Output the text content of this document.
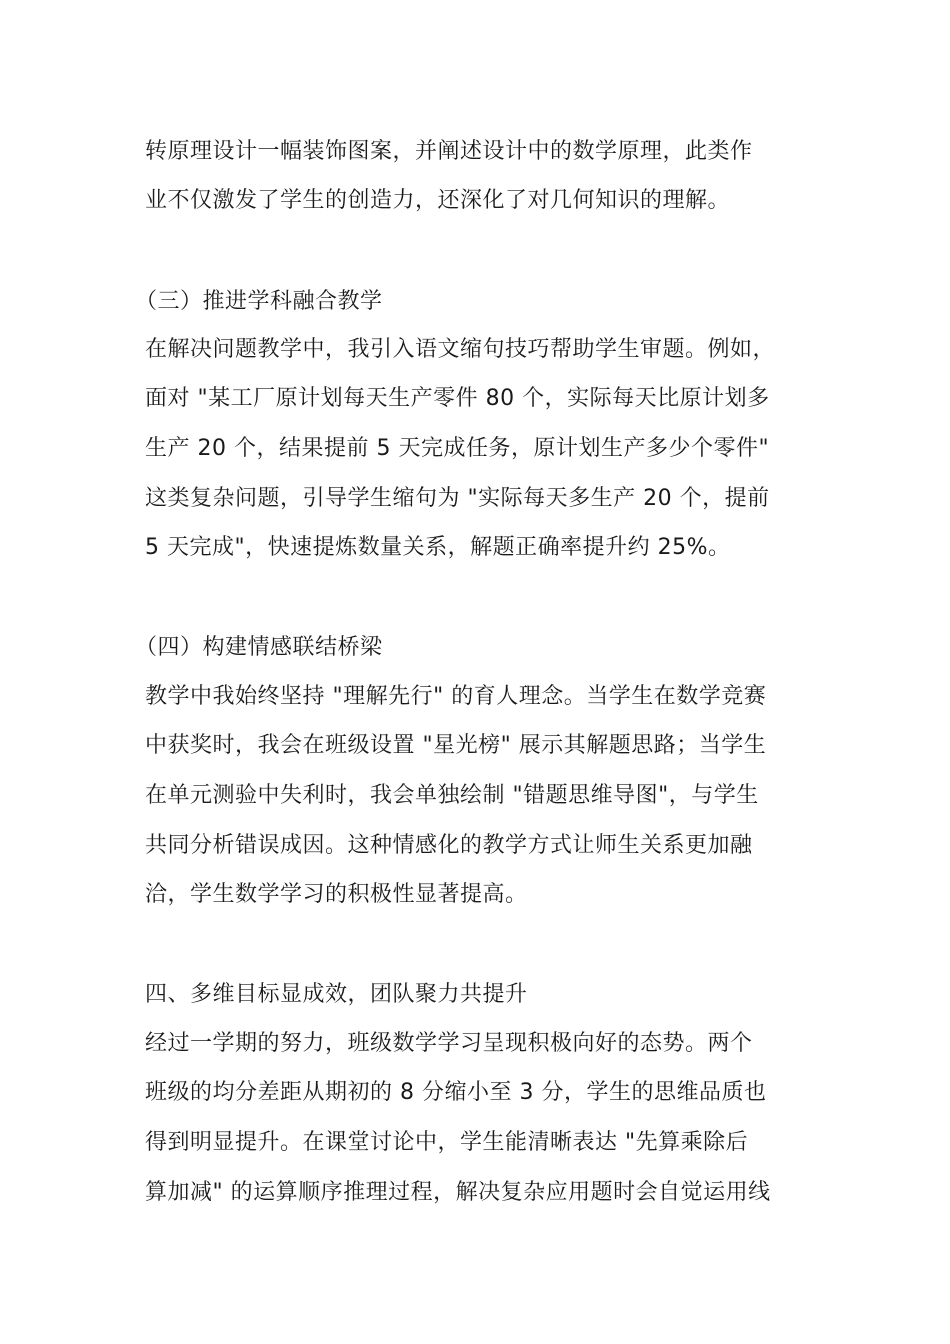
转原理设计一幅装饰图案，并阐述设计中的数学原理，此类作
业不仅激发了学生的创造力，还深化了对几何知识的理解。
（三）推进学科融合教学
在解决问题教学中，我引入语文缩句技巧帮助学生审题。例如，
面对 "某工厂原计划每天生产零件 80 个，实际每天比原计划多
生产 20 个，结果提前 5 天完成任务，原计划生产多少个零件"
这类复杂问题，引导学生缩句为 "实际每天多生产 20 个，提前
5 天完成"，快速提炼数量关系，解题正确率提升约 25%。
（四）构建情感联结桥梁
教学中我始终坚持 "理解先行" 的育人理念。当学生在数学竞赛
中获奖时，我会在班级设置 "星光榜" 展示其解题思路；当学生
在单元测验中失利时，我会单独绘制 "错题思维导图"，与学生
共同分析错误成因。这种情感化的教学方式让师生关系更加融
洽，学生数学学习的积极性显著提高。
四、多维目标显成效，团队聚力共提升
经过一学期的努力，班级数学学习呈现积极向好的态势。两个
班级的均分差距从期初的 8 分缩小至 3 分，学生的思维品质也
得到明显提升。在课堂讨论中，学生能清晰表达 "先算乘除后
算加减" 的运算顺序推理过程，解决复杂应用题时会自觉运用线
